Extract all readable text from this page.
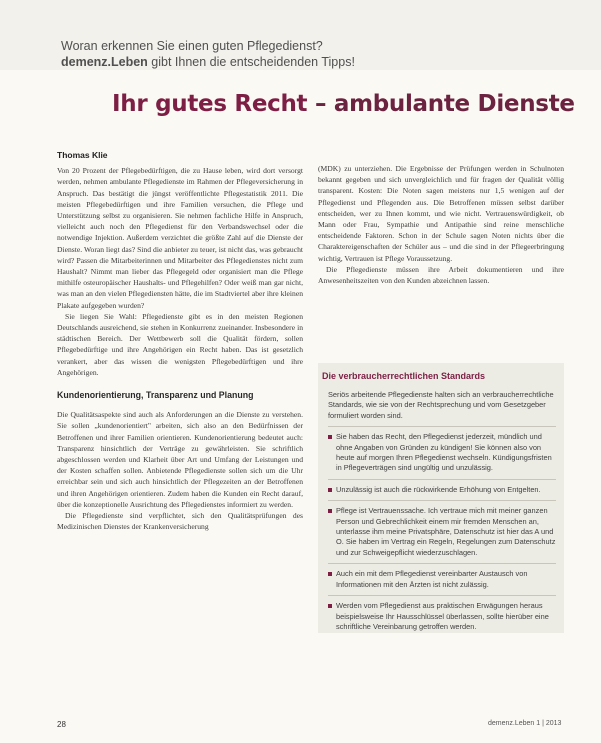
Woran erkennen Sie einen guten Pflegedienst?
demenz.Leben gibt Ihnen die entscheidenden Tipps!
Ihr gutes Recht – ambulante Dienste
Thomas Klie

Von 20 Prozent der Pflegebedürftigen, die zu Hause leben, wird dort versorgt werden, nehmen ambulante Pflegedienste im Rahmen der Pflegeversicherung in Anspruch. Das bestätigt die jüngst veröffentlichte Pflegestatistik 2011. Die meisten Pflegebedürftigen und ihre Familien versuchen, die Pflege und Unterstützung selbst zu organisieren. Sie nehmen fachliche Hilfe in Anspruch, vielleicht auch noch den Pflegedienst für den Verbandswechsel oder die notwendige Injektion. Außerdem verzichtet die größte Zahl auf die Dienste der Dienste. Woran liegt das? Sind die anbieter zu teuer, ist nicht das, was gebraucht wird? Passen die Mitarbeiterinnen und Mitarbeiter des Pflegedienstes nicht zum Haushalt? Nimmt man lieber das Pflegegeld oder organisiert man die Pflege mithilfe osteuropäischer Haushalts- und Pflegehilfen? Oder weiß man gar nicht, was man an den vielen Pflegediensten hätte, die im Stadtviertel aber ihre kleinen Plakate aufgegeben wurden?

Sie liegen Sie Wahl: Pflegedienste gibt es in den meisten Regionen Deutschlands ausreichend, sie stehen in Konkurrenz zueinander. Insbesondere in städtischen Bereich. Der Wettbewerb soll die Qualität fördern, sollen Pflegebedürftige und ihre Angehörigen ein Recht haben. Das ist gesetzlich verankert, aber das wissen die wenigsten Pflegebedürftigen und ihre Angehörigen.

Kundenorientierung, Transparenz und Planung

Die Qualitätsaspekte sind auch als Anforderungen an die Dienste zu verstehen. Sie sollen „kundenorientiert" arbeiten, sich also an den Bedürfnissen der Betroffenen und ihrer Familien orientieren. Kundenorientierung bedeutet auch: Transparenz hinsichtlich der Verträge zu gewährleisten. Sie schriftlich abgeschlossen werden und Klarheit über Art und Umfang der Leistungen und der Kosten schaffen sollen. Anbietende Pflegedienste sollen sich um die Uhr erreichbar sein und sich auch hinsichtlich der Pflegezeiten an der Betroffenen und ihren Angehörigen orientieren. Zudem haben die Kunden ein Recht darauf, über die konzeptionelle Ausrichtung des Pflegedienstes informiert zu werden.

Die Pflegedienste sind verpflichtet, sich den Qualitätsprüfungen des Medizinischen Dienstes der Krankenversicherung

(MDK) zu unterziehen. Die Ergebnisse der Prüfungen werden in Schulnoten bekannt gegeben und sich unvergleichlich und für fragen der Qualität völlig transparent. Kosten: Die Noten sagen meistens nur 1,5 wenigen auf der Pflegedienst und Pflegenden aus. Die Betroffenen müssen selbst darüber entscheiden, wer zu Ihnen kommt, und wie nicht. Vertrauenswürdigkeit, ob Mann oder Frau, Sympathie und Antipathie sind reine menschliche entscheidende Faktoren. Schon in der Schule sagen Noten nichts über die Charaktereigenschaften der Schüler aus – und die sind in der Pflegeerbringung wichtig, Vertrauen ist Pflege Voraussetzung.

Die Pflegedienste müssen ihre Arbeit dokumentieren und ihre Anwesenheitszeiten von den Kunden abzeichnen lassen.

Die verbraucherrechtlichen Standards

Seriös arbeitende Pflegedienste halten sich an verbraucherrechtliche Standards, wie sie von der Rechtsprechung und vom Gesetzgeber formuliert worden sind.

Sie haben das Recht, den Pflegedienst jederzeit, mündlich und ohne Angaben von Gründen zu kündigen! Sie können also von heute auf morgen Ihren Pflegedienst wechseln. Kündigungsfristen in Pflegeverträgen sind ungültig und unzulässig.
Unzulässig ist auch die rückwirkende Erhöhung von Entgelten.
Pflege ist Vertrauenssache. Ich vertraue mich mit meiner ganzen Person und Gebrechlichkeit einem mir fremden Menschen an, unterlasse ihm meine Privatsphäre, Datenschutz ist hier das A und O. Sie haben im Vertrag ein Regeln, Regelungen zum Datenschutz und zur Schweigepflicht wiederzuschlagen.
Auch ein mit dem Pflegedienst vereinbarter Austausch von Informationen mit den Ärzten ist nicht zulässig.
Werden vom Pflegedienst aus praktischen Erwägungen heraus beispielsweise Ihr Hausschlüssel überlassen, sollte hierüber eine schriftliche Vereinbarung getroffen werden.
28	demenz.Leben 1 | 2013
